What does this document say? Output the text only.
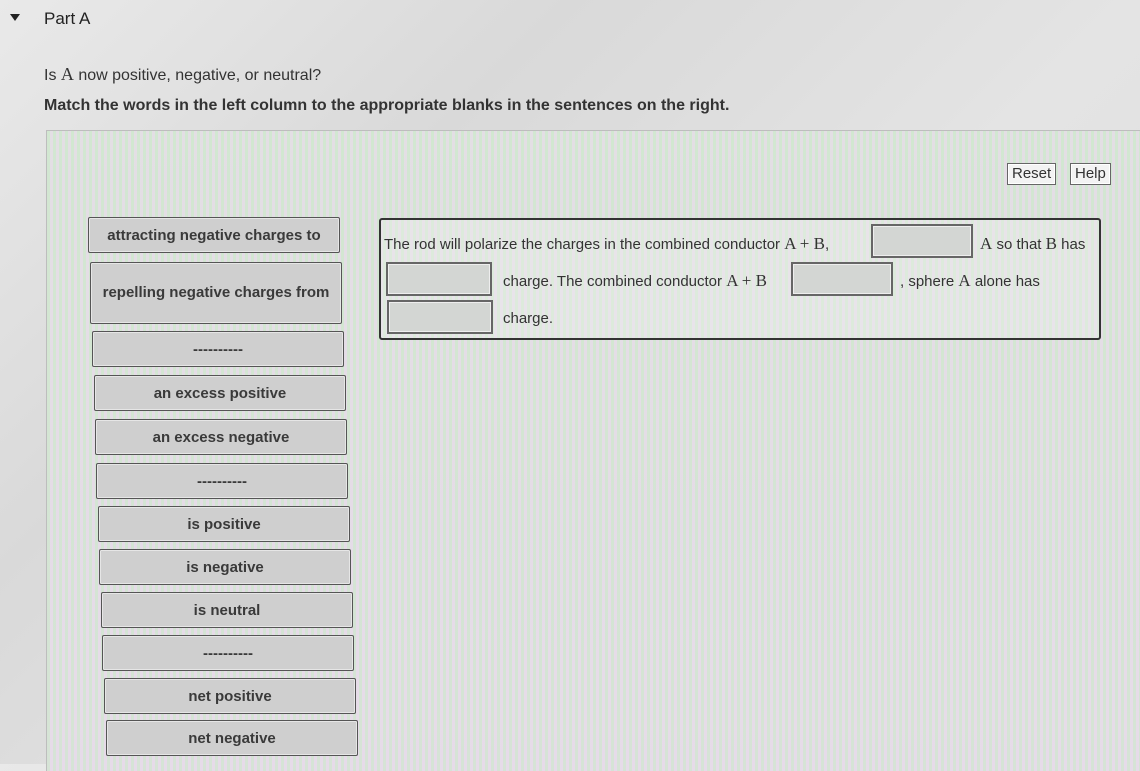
Part A
Is A now positive, negative, or neutral?
Match the words in the left column to the appropriate blanks in the sentences on the right.
Reset	Help
attracting negative charges to
repelling negative charges from
----------
an excess positive
an excess negative
----------
is positive
is negative
is neutral
----------
net positive
net negative
The rod will polarize the charges in the combined conductor A + B,	A so that B has
charge. The combined conductor A + B	, sphere A alone has
charge.
